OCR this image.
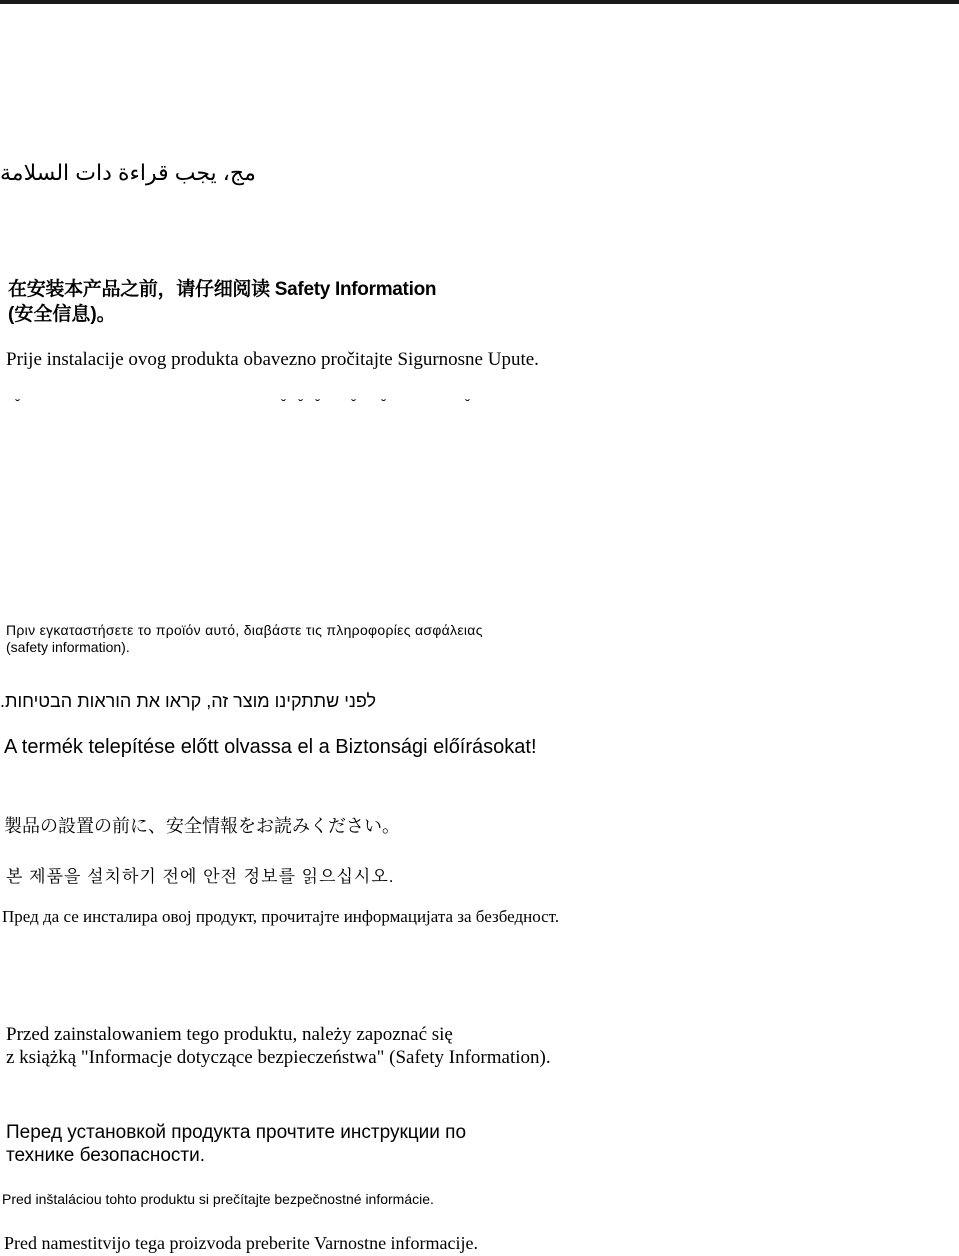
مج، يجب قراءة دات السلامة
在安装本产品之前，请仔细阅读 Safety Information
(安全信息)。
Prije instalacije ovog produkta obavezno pročitajte Sigurnosne Upute.
˘	˘ ˘ ˘ ˘ ˘	˘
Πριν εγκαταστήσετε το προϊόν αυτό, διαβάστε τις πληροφορίες ασφάλειας
(safety information).
לפני שתתקינו מוצר זה, קראו את הוראות הבטיחות.
A termék telepítése előtt olvassa el a Biztonsági előírásokat!
製品の設置の前に、安全情報をお読みください。
본 제품을 설치하기 전에 안전 정보를 읽으십시오.
Пред да се инсталира овој продукт, прочитајте информацијата за безбедност.
Przed zainstalowaniem tego produktu, należy zapoznać się
z książką "Informacje dotyczące bezpieczeństwa" (Safety Information).
Перед установкой продукта прочтите инструкции по
технике безопасности.
Pred inštaláciou tohto produktu si prečítajte bezpečnostné informácie.
Pred namestitvijo tega proizvoda preberite Varnostne informacije.
